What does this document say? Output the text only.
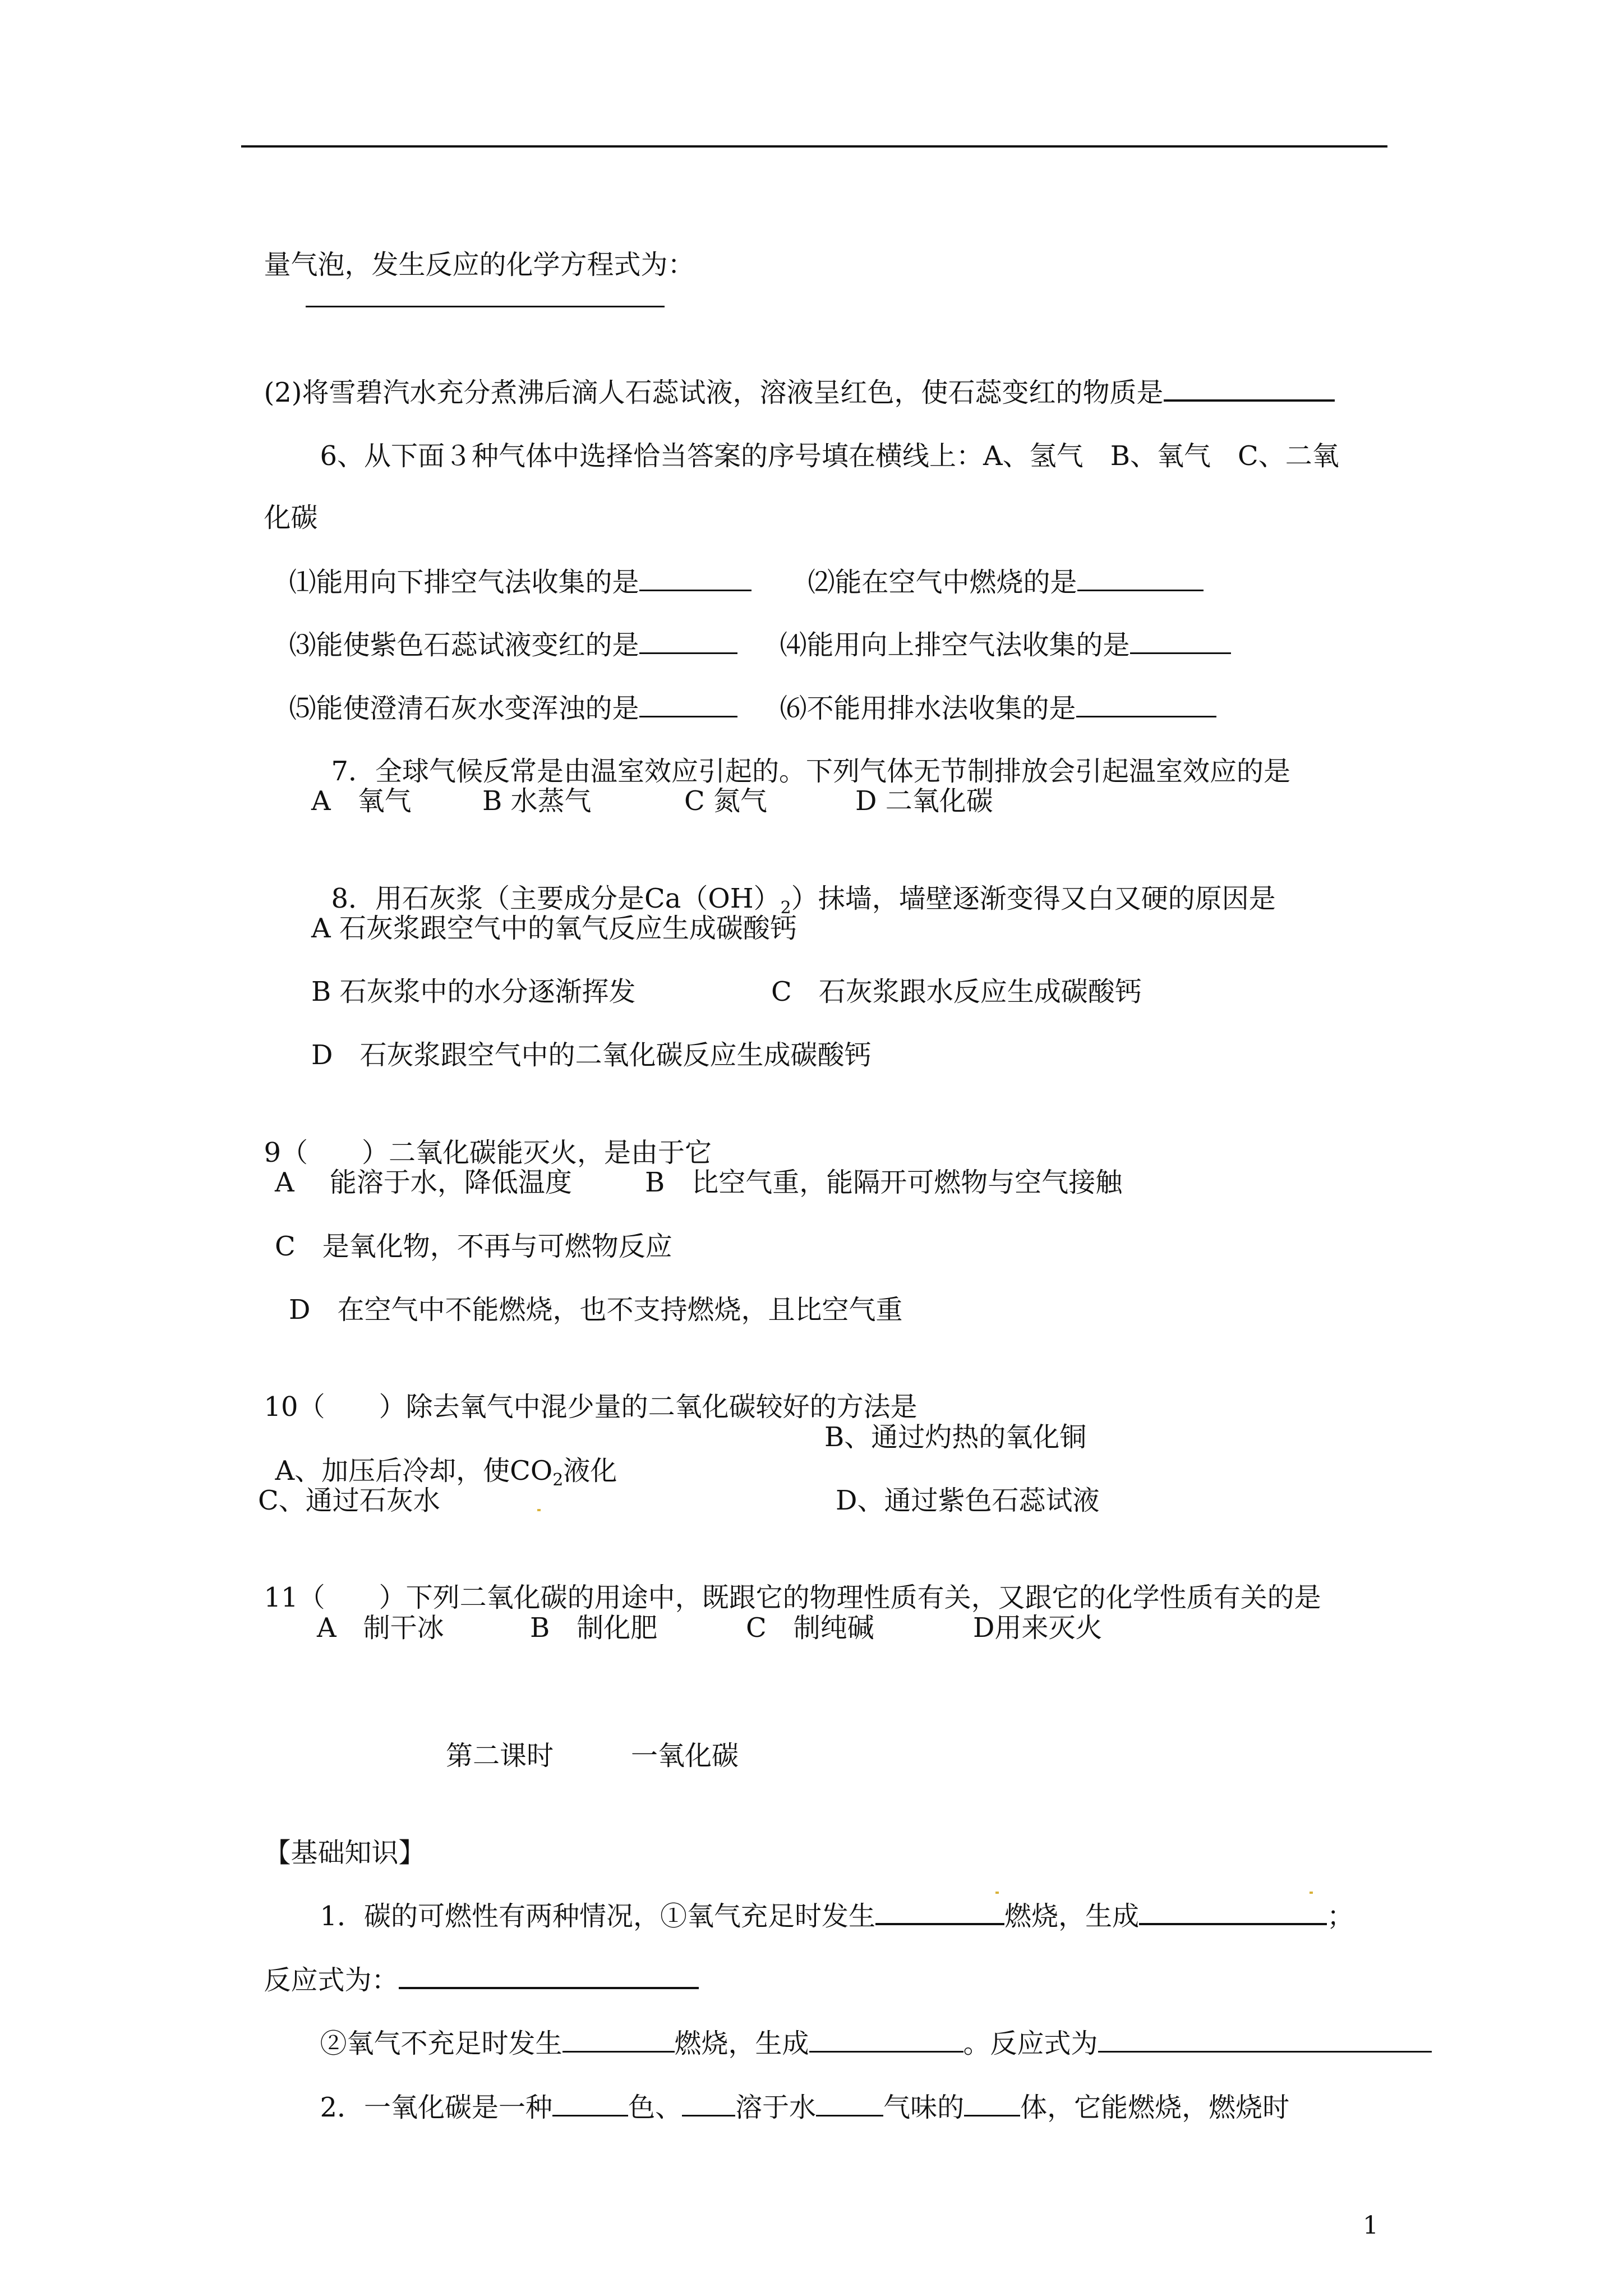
量气泡，发生反应的化学方程式为：

(2)将雪碧汽水充分煮沸后滴人石蕊试液，溶液呈红色，使石蕊变红的物质是

6、从下面３种气体中选择恰当答案的序号填在横线上：A、氢气　B、氧气　C、二氧

化碳

⑴能用向下排空气法收集的是	⑵能在空气中燃烧的是

⑶能使紫色石蕊试液变红的是	⑷能用向上排空气法收集的是

⑸能使澄清石灰水变浑浊的是	⑹不能用排水法收集的是

7．全球气候反常是由温室效应引起的。下列气体无节制排放会引起温室效应的是

A　氧气	B 水蒸气	C 氮气	D 二氧化碳

8．用石灰浆（主要成分是$Ca(OH)_2$）抹墙，墙壁逐渐变得又白又硬的原因是

A 石灰浆跟空气中的氧气反应生成碳酸钙
B 石灰浆中的水分逐渐挥发	C　石灰浆跟水反应生成碳酸钙
D　石灰浆跟空气中的二氧化碳反应生成碳酸钙

9（　　）二氧化碳能灭火，是由于它

A　 能溶于水，降低温度	B　比空气重，能隔开可燃物与空气接触
C　是氧化物，不再与可燃物反应
D　在空气中不能燃烧，也不支持燃烧，且比空气重

10（　　）除去氧气中混少量的二氧化碳较好的方法是

A、加压后冷却，使$CO_2$液化

B、通过灼热的氧化铜
C、通过石灰水	D、通过紫色石蕊试液

11（　　）下列二氧化碳的用途中，既跟它的物理性质有关，又跟它的化学性质有关的是

A　制干冰	B　制化肥	C　制纯碱	D用来灭火
第二课时	一氧化碳

【基础知识】

1．碳的可燃性有两种情况，①氧气充足时发生	燃烧，生成	；

反应式为：

②氧气不充足时发生	燃烧，生成	。反应式为

2．一氧化碳是一种	色、 溶于水	气味的 体，它能燃烧，燃烧时

1
